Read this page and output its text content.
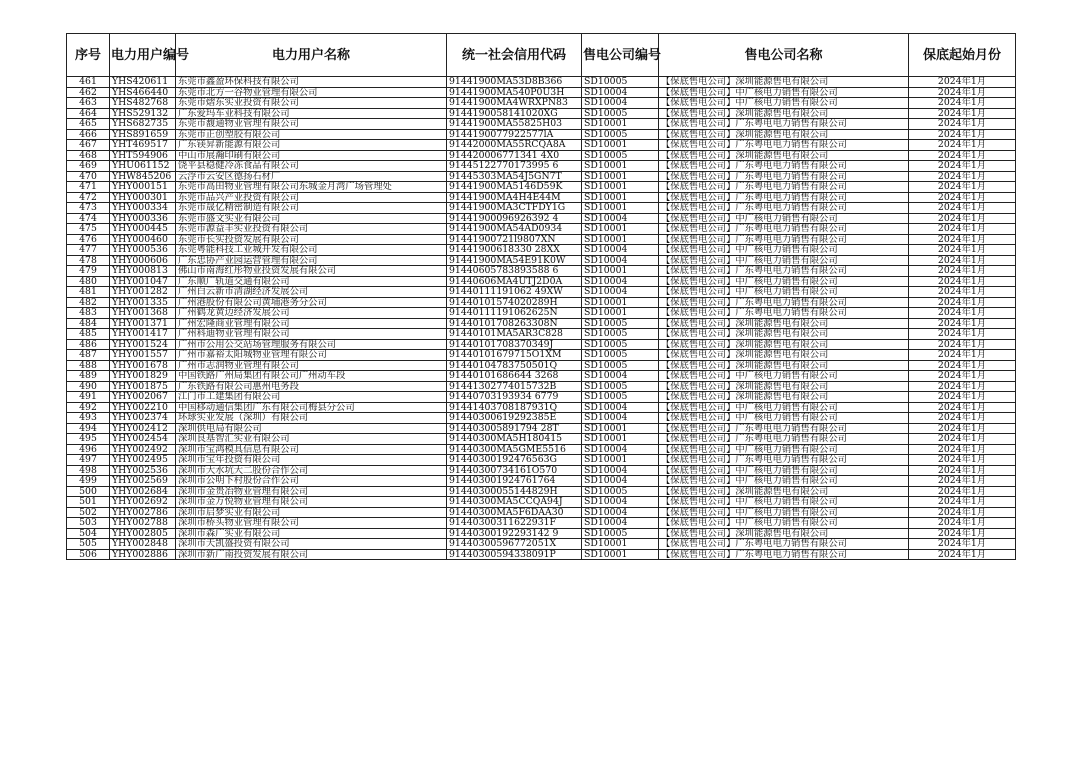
序号	电力用户编号	电力用户名称	统一社会信用代码	售电公司编号	售电公司名称	保底起始月份
461	YHS420611	东莞市鑫盈环保科技有限公司	91441900MA53D8B366	SD10005	【保底售电公司】深圳能源售电有限公司	2024年1月
462	YHS466440	东莞市北方一谷物业管理有限公司	91441900MA540P0U3H	SD10004	【保底售电公司】中广核电力销售有限公司	2024年1月
463	YHS482768	东莞市熠东实业投资有限公司	91441900MA4WRXPN83	SD10004	【保底售电公司】中广核电力销售有限公司	2024年1月
464	YHS529132	广东爱玛车业科技有限公司	9144190058141020XG	SD10005	【保底售电公司】深圳能源售电有限公司	2024年1月
465	YHS682735	东莞市馥通物业管理有限公司	91441900MA55825H03	SD10001	【保底售电公司】广东粤电电力销售有限公司	2024年1月
466	YHS891659	东莞市正创塑胶有限公司	9144190077922577lA	SD10005	【保底售电公司】深圳能源售电有限公司	2024年1月
467	YHT469517	广东镁昇新能源有限公司	91442000MA55RCQA8A	SD10001	【保底售电公司】广东粤电电力销售有限公司	2024年1月
468	YHT594906	中山市展瀚印刷有限公司	914420006771341 4X0	SD10005	【保底售电公司】深圳能源售电有限公司	2024年1月
469	YHU061152	饶平县稳健冷冻食品有限公司	91445122770173995 6	SD10001	【保底售电公司】广东粤电电力销售有限公司	2024年1月
470	YHW845206	云浮市云安区德扬石材厂	91445303MA54J5GN7T	SD10001	【保底售电公司】广东粤电电力销售有限公司	2024年1月
471	YHY000151	东莞市高田物业管理有限公司东城金月湾广场管理处	91441900MA5146D59K	SD10001	【保底售电公司】广东粤电电力销售有限公司	2024年1月
472	YHY000301	东莞市品兴产业投资有限公司	91441900MA4H4E44M	SD10001	【保底售电公司】广东粤电电力销售有限公司	2024年1月
473	YHY000334	东莞市晟亿精密制造有限公司	91441900MA3CTFDY1G	SD10001	【保底售电公司】广东粤电电力销售有限公司	2024年1月
474	YHY000336	东莞市盛文实业有限公司	91441900096926392 4	SD10004	【保底售电公司】中广核电力销售有限公司	2024年1月
475	YHY000445	东莞市源益丰实业投资有限公司	91441900MA54AD0934	SD10001	【保底售电公司】广东粤电电力销售有限公司	2024年1月
476	YHY000460	东莞市长实投资发展有限公司	91441900721l9807XN	SD10001	【保底售电公司】广东粤电电力销售有限公司	2024年1月
477	YHY000536	东莞粤能科技工业城开发有限公司	91441900618330 28XX	SD10004	【保底售电公司】中广核电力销售有限公司	2024年1月
478	YHY000606	广东忠协产业园运营管理有限公司	91441900MA54E91K0W	SD10004	【保底售电公司】中广核电力销售有限公司	2024年1月
479	YHY000813	佛山市南海红彤物业投资发展有限公司	91440605783893588 6	SD10001	【保底售电公司】广东粤电电力销售有限公司	2024年1月
480	YHY001047	广东顺广轨道交通有限公司	91440606MA4UTJ2D0A	SD10004	【保底售电公司】中广核电力销售有限公司	2024年1月
481	YHY001282	广州白云新市清湖经济发展公司	91440111191062 49XW	SD10004	【保底售电公司】中广核电力销售有限公司	2024年1月
482	YHY001335	广州港股份有限公司黄埔港务分公司	91440101574020289H	SD10001	【保底售电公司】广东粤电电力销售有限公司	2024年1月
483	YHY001368	广州鹤龙黄边经济发展公司	91440111191062625N	SD10001	【保底售电公司】广东粤电电力销售有限公司	2024年1月
484	YHY001371	广州宏隆商业管理有限公司	91440101708263308N	SD10005	【保底售电公司】深圳能源售电有限公司	2024年1月
485	YHY001417	广州科迪物业管理有限公司	91440101MA5AR3C828	SD10005	【保底售电公司】深圳能源售电有限公司	2024年1月
486	YHY001524	广州市公用公交站场管理服务有限公司	91440101708370349J	SD10005	【保底售电公司】深圳能源售电有限公司	2024年1月
487	YHY001557	广州市嘉裕太阳城物业管理有限公司	91440101679715O1XM	SD10005	【保底售电公司】深圳能源售电有限公司	2024年1月
488	YHY001678	广州市志润物业管理有限公司	91440104783750501Q	SD10005	【保底售电公司】深圳能源售电有限公司	2024年1月
489	YHY001829	中国铁路广州局集团有限公司广州动车段	91440101686644 3268	SD10004	【保底售电公司】中广核电力销售有限公司	2024年1月
490	YHY001875	广东铁路有限公司惠州电务段	91441302774015732B	SD10005	【保底售电公司】深圳能源售电有限公司	2024年1月
491	YHY002067	江门市工建集团有限公司	91440703193934 6779	SD10005	【保底售电公司】深圳能源售电有限公司	2024年1月
492	YHY002210	中国移动通信集团广东有限公司梅县分公司	91441403708187931Q	SD10004	【保底售电公司】中广核电力销售有限公司	2024年1月
493	YHY002374	环球实业发展（深圳）有限公司	91440300619292385E	SD10004	【保底售电公司】中广核电力销售有限公司	2024年1月
494	YHY002412	深圳供电局有限公司	914403005891794 28T	SD10001	【保底售电公司】广东粤电电力销售有限公司	2024年1月
495	YHY002454	深圳良基智汇实业有限公司	91440300MA5H180415	SD10001	【保底售电公司】广东粤电电力销售有限公司	2024年1月
496	YHY002492	深圳市宝鸿模具信息有限公司	91440300MA5GME5516	SD10004	【保底售电公司】中广核电力销售有限公司	2024年1月
497	YHY002495	深圳市宝年投资有限公司	91440300192476563G	SD10001	【保底售电公司】广东粤电电力销售有限公司	2024年1月
498	YHY002536	深圳市大水坑大二股份合作公司	91440300734161O570	SD10004	【保底售电公司】中广核电力销售有限公司	2024年1月
499	YHY002569	深圳市公明下村股份合作公司	914403001924761764	SD10004	【保底售电公司】中广核电力销售有限公司	2024年1月
500	YHY002684	深圳市金贵冶物业管理有限公司	91440300055144829H	SD10005	【保底售电公司】深圳能源售电有限公司	2024年1月
501	YHY002692	深圳市金万悦物业管理有限公司	91440300MA5CCQA94J	SD10004	【保底售电公司】中广核电力销售有限公司	2024年1月
502	YHY002786	深圳市启梦实业有限公司	91440300MA5F6DAA30	SD10004	【保底售电公司】中广核电力销售有限公司	2024年1月
503	YHY002788	深圳市桥头物业管理有限公司	91440300311622931F	SD10004	【保底售电公司】中广核电力销售有限公司	2024年1月
504	YHY002805	深圳市森广实业有限公司	91440300192293142 9	SD10005	【保底售电公司】深圳能源售电有限公司	2024年1月
505	YHY002848	深圳市天凯盛投资有限公司	91440300596772051X	SD10001	【保底售电公司】广东粤电电力销售有限公司	2024年1月
506	YHY002886	深圳市新广南投资发展有限公司	91440300594338091P	SD10001	【保底售电公司】广东粤电电力销售有限公司	2024年1月
